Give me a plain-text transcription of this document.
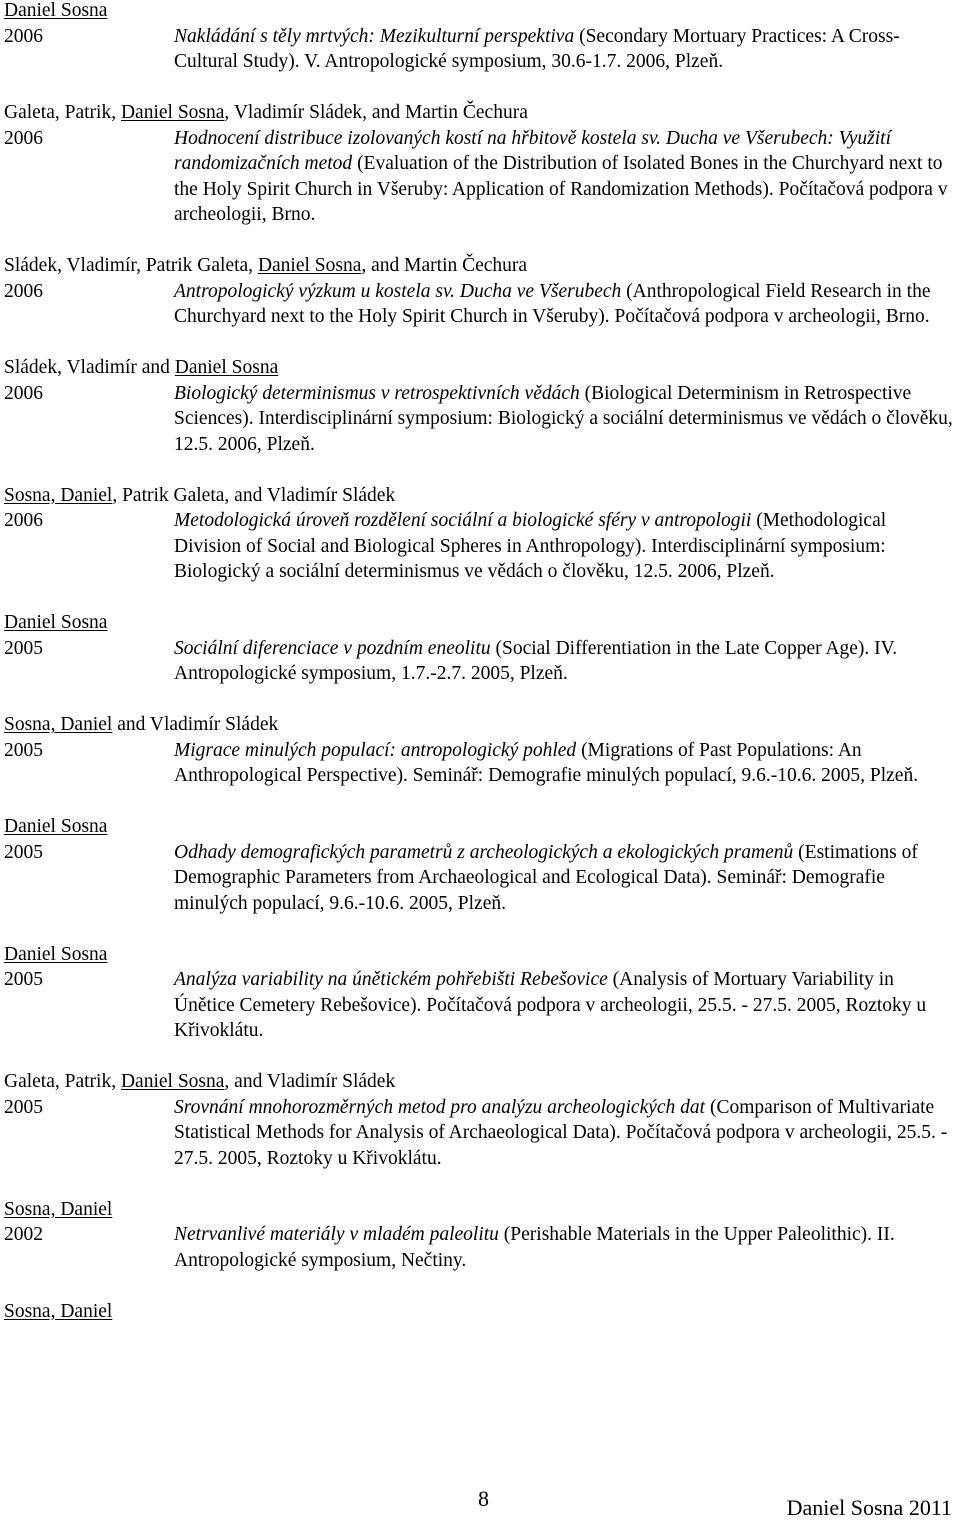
Daniel Sosna
2006	Nakládání s těly mrtvých: Mezikulturní perspektiva (Secondary Mortuary Practices: A Cross-Cultural Study). V. Antropologické symposium, 30.6-1.7. 2006, Plzeň.
Galeta, Patrik, Daniel Sosna, Vladimír Sládek, and Martin Čechura
2006	Hodnocení distribuce izolovaných kostí na hřbitově kostela sv. Ducha ve Všerubech: Využití randomizačních metod (Evaluation of the Distribution of Isolated Bones in the Churchyard next to the Holy Spirit Church in Všeruby: Application of Randomization Methods). Počítačová podpora v archeologii, Brno.
Sládek, Vladimír, Patrik Galeta, Daniel Sosna, and Martin Čechura
2006	Antropologický výzkum u kostela sv. Ducha ve Všerubech (Anthropological Field Research in the Churchyard next to the Holy Spirit Church in Všeruby). Počítačová podpora v archeologii, Brno.
Sládek, Vladimír and Daniel Sosna
2006	Biologický determinismus v retrospektivních vědách (Biological Determinism in Retrospective Sciences). Interdisciplinární symposium: Biologický a sociální determinismus ve vědách o člověku, 12.5. 2006, Plzeň.
Sosna, Daniel, Patrik Galeta, and Vladimír Sládek
2006	Metodologická úroveň rozdělení sociální a biologické sféry v antropologii (Methodological Division of Social and Biological Spheres in Anthropology). Interdisciplinární symposium: Biologický a sociální determinismus ve vědách o člověku, 12.5. 2006, Plzeň.
Daniel Sosna
2005	Sociální diferenciace v pozdním eneolitu (Social Differentiation in the Late Copper Age). IV. Antropologické symposium, 1.7.-2.7. 2005, Plzeň.
Sosna, Daniel and Vladimír Sládek
2005	Migrace minulých populací: antropologický pohled (Migrations of Past Populations: An Anthropological Perspective). Seminář: Demografie minulých populací, 9.6.-10.6. 2005, Plzeň.
Daniel Sosna
2005	Odhady demografických parametrů z archeologických a ekologických pramenů (Estimations of Demographic Parameters from Archaeological and Ecological Data). Seminář: Demografie minulých populací, 9.6.-10.6. 2005, Plzeň.
Daniel Sosna
2005	Analýza variability na únětickém pohřebišti Rebešovice (Analysis of Mortuary Variability in Únětice Cemetery Rebešovice). Počítačová podpora v archeologii, 25.5. - 27.5. 2005, Roztoky u Křivoklátu.
Galeta, Patrik, Daniel Sosna, and Vladimír Sládek
2005	Srovnání mnohorozměrných metod pro analýzu archeologických dat (Comparison of Multivariate Statistical Methods for Analysis of Archaeological Data). Počítačová podpora v archeologii, 25.5. - 27.5. 2005, Roztoky u Křivoklátu.
Sosna, Daniel
2002	Netrvanlivé materiály v mladém paleolitu (Perishable Materials in the Upper Paleolithic). II. Antropologické symposium, Nečtiny.
Sosna, Daniel
8	Daniel Sosna 2011
